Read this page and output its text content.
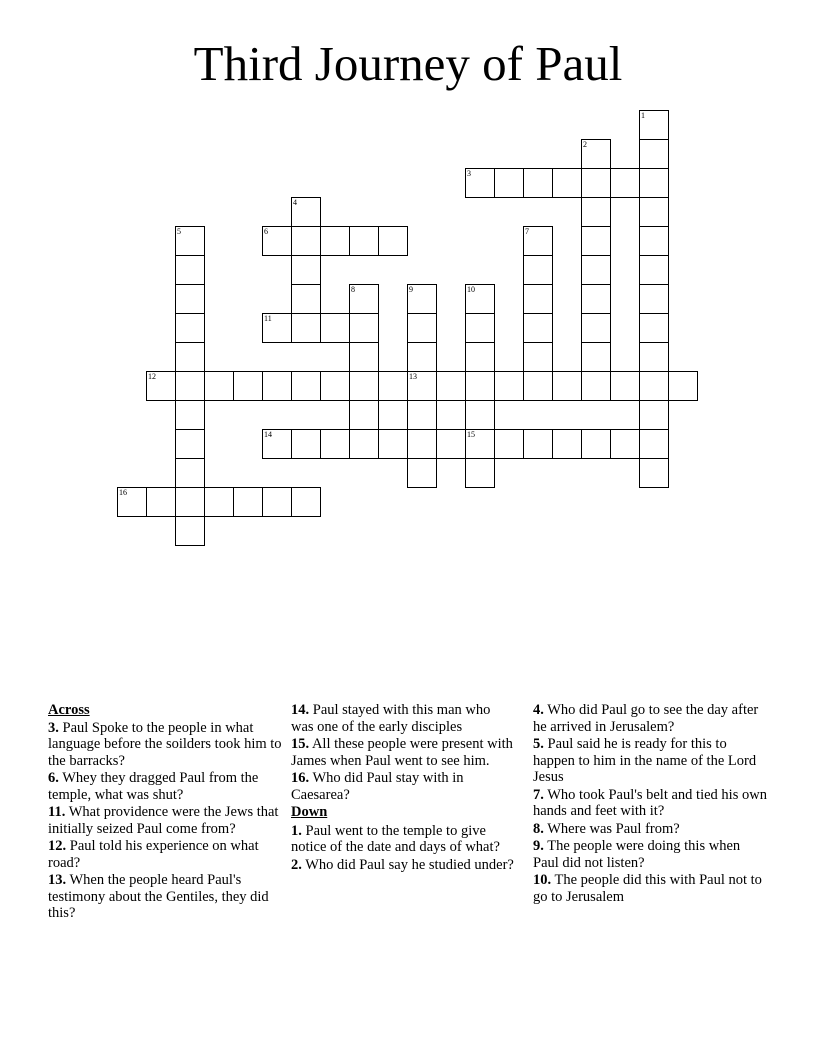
Third Journey of Paul
3
6
11
12	13
14	15
16
1
2
4
5	7
8	9	10

Across

3. Paul Spoke to the people in what language before the soilders took him to the barracks?

6. Whey they dragged Paul from the temple, what was shut?

11. What providence were the Jews that initially seized Paul come from?

12. Paul told his experience on what road?

13. When the people heard Paul's testimony about the Gentiles, they did this?

14. Paul stayed with this man who was one of the early disciples

15. All these people were present with James when Paul went to see him.

16. Who did Paul stay with in Caesarea?

Down

1. Paul went to the temple to give notice of the date and days of what?

2. Who did Paul say he studied under?

4. Who did Paul go to see the day after he arrived in Jerusalem?

5. Paul said he is ready for this to happen to him in the name of the Lord Jesus

7. Who took Paul's belt and tied his own hands and feet with it?

8. Where was Paul from?

9. The people were doing this when Paul did not listen?

10. The people did this with Paul not to go to Jerusalem
